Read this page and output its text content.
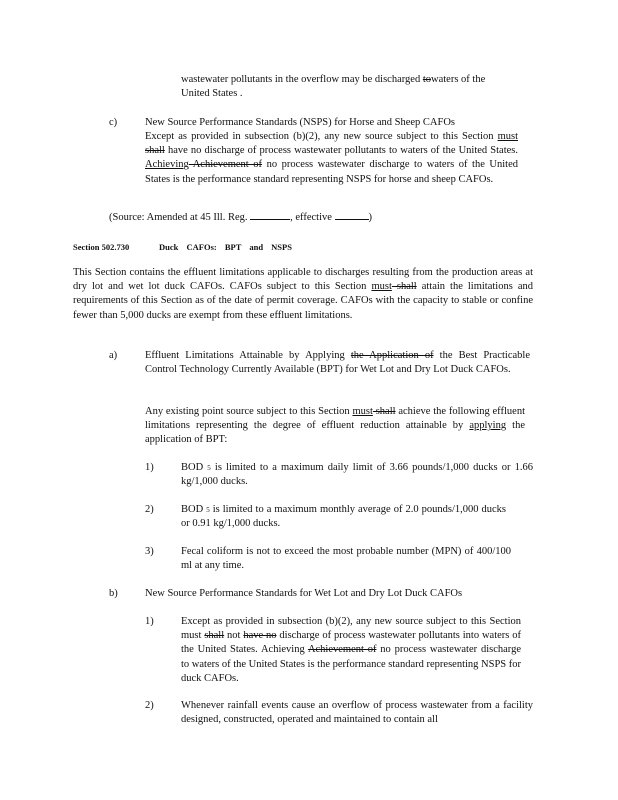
wastewater pollutants in the overflow may be discharged towaters of the
United States .
c)	New Source Performance Standards (NSPS) for Horse and Sheep CAFOs
Except as provided in subsection (b)(2), any new source subject to this Section must shall have no discharge of process wastewater pollutants to waters of the United States. Achieving Achievement of no process wastewater discharge to waters of the United States is the performance standard representing NSPS for horse and sheep CAFOs.
(Source: Amended at 45 Ill. Reg.	, effective	)
Section 502.730	Duck CAFOs: BPT and NSPS
This Section contains the effluent limitations applicable to discharges resulting from the production areas at dry lot and wet lot duck CAFOs. CAFOs subject to this Section must shall attain the limitations and requirements of this Section as of the date of permit coverage. CAFOs with the capacity to stable or confine fewer than 5,000 ducks are exempt from these effluent limitations.
a)	Effluent Limitations Attainable by Applying the Application of the Best Practicable Control Technology Currently Available (BPT) for Wet Lot and Dry Lot Duck CAFOs.
Any existing point source subject to this Section must shall achieve the following effluent limitations representing the degree of effluent reduction attainable by applying the application of BPT:
1)	BOD 5 is limited to a maximum daily limit of 3.66 pounds/1,000 ducks or 1.66 kg/1,000 ducks.
2)	BOD 5 is limited to a maximum monthly average of 2.0 pounds/1,000 ducks or 0.91 kg/1,000 ducks.
3)	Fecal coliform is not to exceed the most probable number (MPN) of 400/100 ml at any time.
b)	New Source Performance Standards for Wet Lot and Dry Lot Duck CAFOs
1)	Except as provided in subsection (b)(2), any new source subject to this Section must shall not have no discharge of process wastewater pollutants into waters of the United States. Achieving Achievement of no process wastewater discharge to waters of the United States is the performance standard representing NSPS for duck CAFOs.
2)	Whenever rainfall events cause an overflow of process wastewater from a facility designed, constructed, operated and maintained to contain all
